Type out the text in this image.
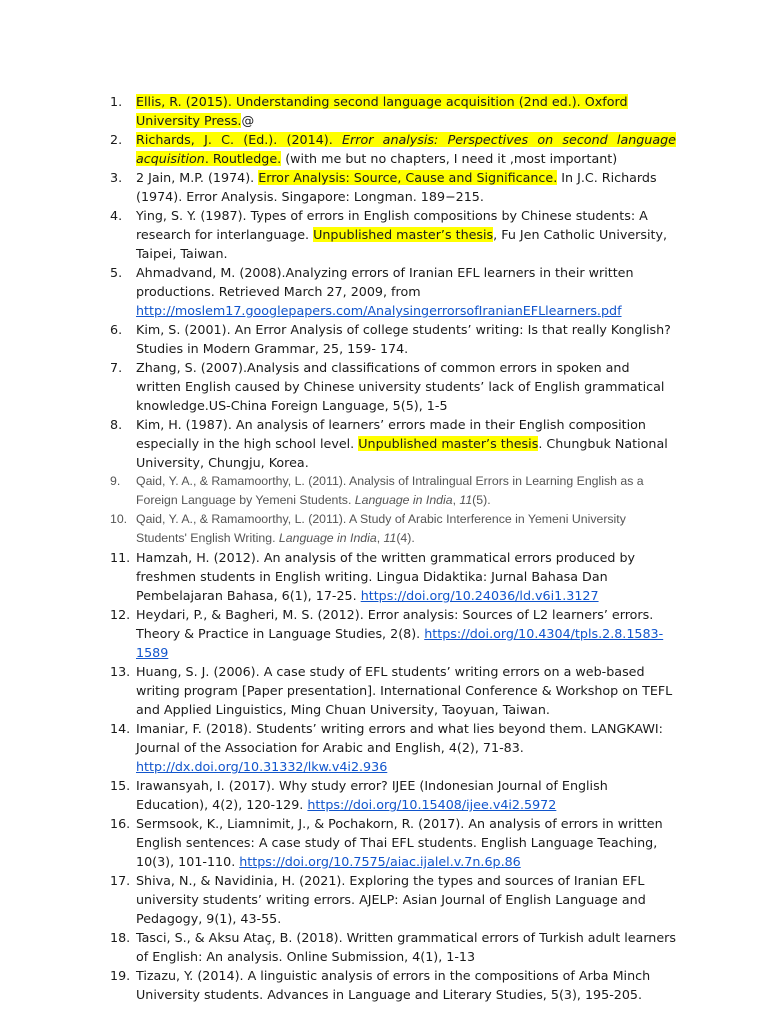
1.	Ellis, R. (2015). Understanding second language acquisition (2nd ed.). Oxford University Press.@
2.	Richards, J. C. (Ed.). (2014). Error analysis: Perspectives on second language acquisition. Routledge. (with me but no chapters, I need it ,most important)
3.	2 Jain, M.P. (1974). Error Analysis: Source, Cause and Significance. In J.C. Richards (1974). Error Analysis. Singapore: Longman. 189−215.
4.	Ying, S. Y. (1987). Types of errors in English compositions by Chinese students: A research for interlanguage. Unpublished master’s thesis, Fu Jen Catholic University, Taipei, Taiwan.
5.	Ahmadvand, M. (2008).Analyzing errors of Iranian EFL learners in their written productions. Retrieved March 27, 2009, from http://moslem17.googlepapers.com/AnalysingerrorsofIranianEFLlearners.pdf
6.	Kim, S. (2001). An Error Analysis of college students’ writing: Is that really Konglish? Studies in Modern Grammar, 25, 159- 174.
7.	Zhang, S. (2007).Analysis and classifications of common errors in spoken and written English caused by Chinese university students’ lack of English grammatical knowledge.US-China Foreign Language, 5(5), 1-5
8.	Kim, H. (1987). An analysis of learners’ errors made in their English composition especially in the high school level. Unpublished master’s thesis. Chungbuk National University, Chungju, Korea.
9.	Qaid, Y. A., & Ramamoorthy, L. (2011). Analysis of Intralingual Errors in Learning English as a Foreign Language by Yemeni Students. Language in India, 11(5).
10. Qaid, Y. A., & Ramamoorthy, L. (2011). A Study of Arabic Interference in Yemeni University Students' English Writing. Language in India, 11(4).
11. Hamzah, H. (2012). An analysis of the written grammatical errors produced by freshmen students in English writing. Lingua Didaktika: Jurnal Bahasa Dan Pembelajaran Bahasa, 6(1), 17-25. https://doi.org/10.24036/ld.v6i1.3127
12. Heydari, P., & Bagheri, M. S. (2012). Error analysis: Sources of L2 learners’ errors. Theory & Practice in Language Studies, 2(8). https://doi.org/10.4304/tpls.2.8.1583-1589
13. Huang, S. J. (2006). A case study of EFL students’ writing errors on a web-based writing program [Paper presentation]. International Conference & Workshop on TEFL and Applied Linguistics, Ming Chuan University, Taoyuan, Taiwan.
14. Imaniar, F. (2018). Students’ writing errors and what lies beyond them. LANGKAWI: Journal of the Association for Arabic and English, 4(2), 71-83. http://dx.doi.org/10.31332/lkw.v4i2.936
15. Irawansyah, I. (2017). Why study error? IJEE (Indonesian Journal of English Education), 4(2), 120-129. https://doi.org/10.15408/ijee.v4i2.5972
16. Sermsook, K., Liamnimit, J., & Pochakorn, R. (2017). An analysis of errors in written English sentences: A case study of Thai EFL students. English Language Teaching, 10(3), 101-110. https://doi.org/10.7575/aiac.ijalel.v.7n.6p.86
17. Shiva, N., & Navidinia, H. (2021). Exploring the types and sources of Iranian EFL university students’ writing errors. AJELP: Asian Journal of English Language and Pedagogy, 9(1), 43-55.
18. Tasci, S., & Aksu Ataç, B. (2018). Written grammatical errors of Turkish adult learners of English: An analysis. Online Submission, 4(1), 1-13
19. Tizazu, Y. (2014). A linguistic analysis of errors in the compositions of Arba Minch University students. Advances in Language and Literary Studies, 5(3), 195-205.
